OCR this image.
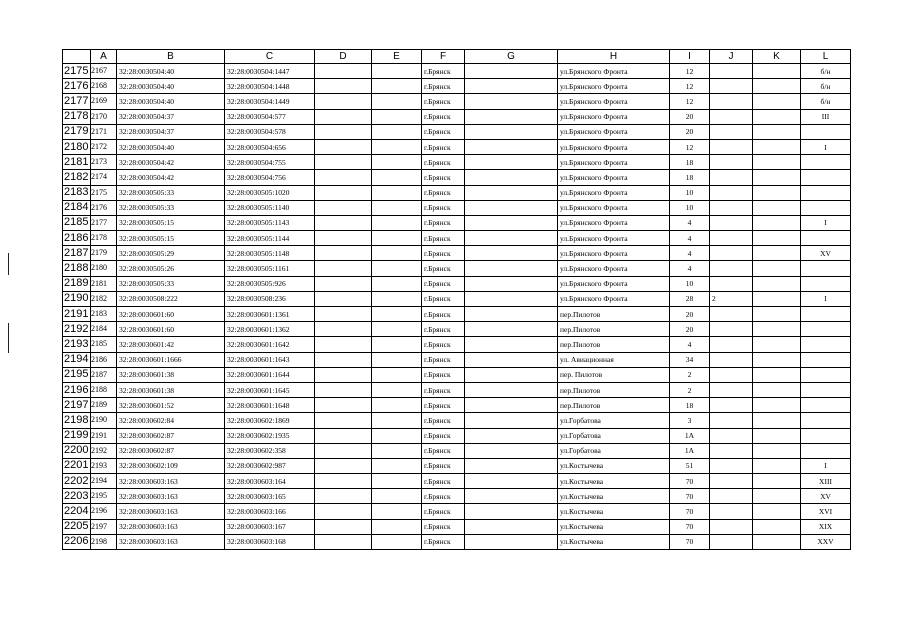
	A	B	C	D	E	F	G	H	I	J	K	L
2175	2167	32:28:0030504:40	32:28:0030504:1447			г.Брянск		ул.Брянского Фронта	12			б/н
2176	2168	32:28:0030504:40	32:28:0030504:1448			г.Брянск		ул.Брянского Фронта	12			б/н
2177	2169	32:28:0030504:40	32:28:0030504:1449			г.Брянск		ул.Брянского Фронта	12			б/н
2178	2170	32:28:0030504:37	32:28:0030504:577			г.Брянск		ул.Брянского Фронта	20			III
2179	2171	32:28:0030504:37	32:28:0030504:578			г.Брянск		ул.Брянского Фронта	20			
2180	2172	32:28:0030504:40	32:28:0030504:656			г.Брянск		ул.Брянского Фронта	12			I
2181	2173	32:28:0030504:42	32:28:0030504:755			г.Брянск		ул.Брянского Фронта	18			
2182	2174	32:28:0030504:42	32:28:0030504:756			г.Брянск		ул.Брянского Фронта	18			
2183	2175	32:28:0030505:33	32:28:0030505:1020			г.Брянск		ул.Брянского Фронта	10			
2184	2176	32:28:0030505:33	32:28:0030505:1140			г.Брянск		ул.Брянского Фронта	10			
2185	2177	32:28:0030505:15	32:28:0030505:1143			г.Брянск		ул.Брянского Фронта	4			I
2186	2178	32:28:0030505:15	32:28:0030505:1144			г.Брянск		ул.Брянского Фронта	4			
2187	2179	32:28:0030505:29	32:28:0030505:1148			г.Брянск		ул.Брянского Фронта	4			XV
2188	2180	32:28:0030505:26	32:28:0030505:1161			г.Брянск		ул.Брянского Фронта	4			
2189	2181	32:28:0030505:33	32:28:0030505:926			г.Брянск		ул.Брянского Фронта	10			
2190	2182	32:28:0030508:222	32:28:0030508:236			г.Брянск		ул.Брянского Фронта	28	2		I
2191	2183	32:28:0030601:60	32:28:0030601:1361			г.Брянск		пер.Пилотов	20			
2192	2184	32:28:0030601:60	32:28:0030601:1362			г.Брянск		пер.Пилотов	20			
2193	2185	32:28:0030601:42	32:28:0030601:1642			г.Брянск		пер.Пилотов	4			
2194	2186	32:28:0030601:1666	32:28:0030601:1643			г.Брянск		ул. Авиационная	34			
2195	2187	32:28:0030601:38	32:28:0030601:1644			г.Брянск		пер. Пилотов	2			
2196	2188	32:28:0030601:38	32:28:0030601:1645			г.Брянск		пер.Пилотов	2			
2197	2189	32:28:0030601:52	32:28:0030601:1648			г.Брянск		пер.Пилотов	18			
2198	2190	32:28:0030602:84	32:28:0030602:1869			г.Брянск		ул.Горбатова	3			
2199	2191	32:28:0030602:87	32:28:0030602:1935			г.Брянск		ул.Горбатова	1А			
2200	2192	32:28:0030602:87	32:28:0030602:358			г.Брянск		ул.Горбатова	1А			
2201	2193	32:28:0030602:109	32:28:0030602:987			г.Брянск		ул.Костычева	51			I
2202	2194	32:28:0030603:163	32:28:0030603:164			г.Брянск		ул.Костычева	70			XIII
2203	2195	32:28:0030603:163	32:28:0030603:165			г.Брянск		ул.Костычева	70			XV
2204	2196	32:28:0030603:163	32:28:0030603:166			г.Брянск		ул.Костычева	70			XVI
2205	2197	32:28:0030603:163	32:28:0030603:167			г.Брянск		ул.Костычева	70			XIX
2206	2198	32:28:0030603:163	32:28:0030603:168			г.Брянск		ул.Костычева	70			XXV
